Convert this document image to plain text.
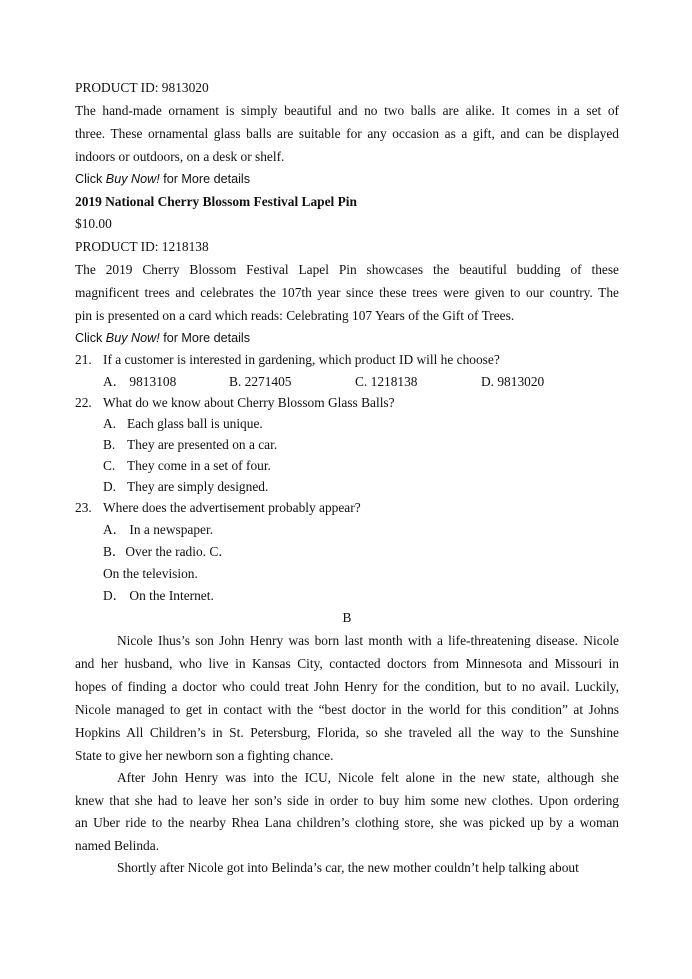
PRODUCT ID: 9813020
The hand-made ornament is simply beautiful and no two balls are alike. It comes in a set of
three. These ornamental glass balls are suitable for any occasion as a gift, and can be displayed
indoors or outdoors, on a desk or shelf.
Click Buy Now! for More details
2019 National Cherry Blossom Festival Lapel Pin
$10.00
PRODUCT ID: 1218138
The 2019 Cherry Blossom Festival Lapel Pin showcases the beautiful budding of these
magnificent trees and celebrates the 107th year since these trees were given to our country. The
pin is presented on a card which reads: Celebrating 107 Years of the Gift of Trees.
Click Buy Now! for More details
21. If a customer is interested in gardening, which product ID will he choose?
A． 9813108	B. 2271405	C. 1218138	D. 9813020
22. What do we know about Cherry Blossom Glass Balls?
A. Each glass ball is unique.
B. They are presented on a car.
C. They come in a set of four.
D. They are simply designed.
23. Where does the advertisement probably appear?
A． In a newspaper.
B．Over the radio. C．
On the television.
D． On the Internet.
B
Nicole Ihus’s son John Henry was born last month with a life-threatening disease. Nicole
and her husband, who live in Kansas City, contacted doctors from Minnesota and Missouri in
hopes of finding a doctor who could treat John Henry for the condition, but to no avail. Luckily,
Nicole managed to get in contact with the “best doctor in the world for this condition” at Johns
Hopkins All Children’s in St. Petersburg, Florida, so she traveled all the way to the Sunshine
State to give her newborn son a fighting chance.
After John Henry was into the ICU, Nicole felt alone in the new state, although she
knew that she had to leave her son’s side in order to buy him some new clothes. Upon ordering
an Uber ride to the nearby Rhea Lana children’s clothing store, she was picked up by a woman
named Belinda.
Shortly after Nicole got into Belinda’s car, the new mother couldn’t help talking about
